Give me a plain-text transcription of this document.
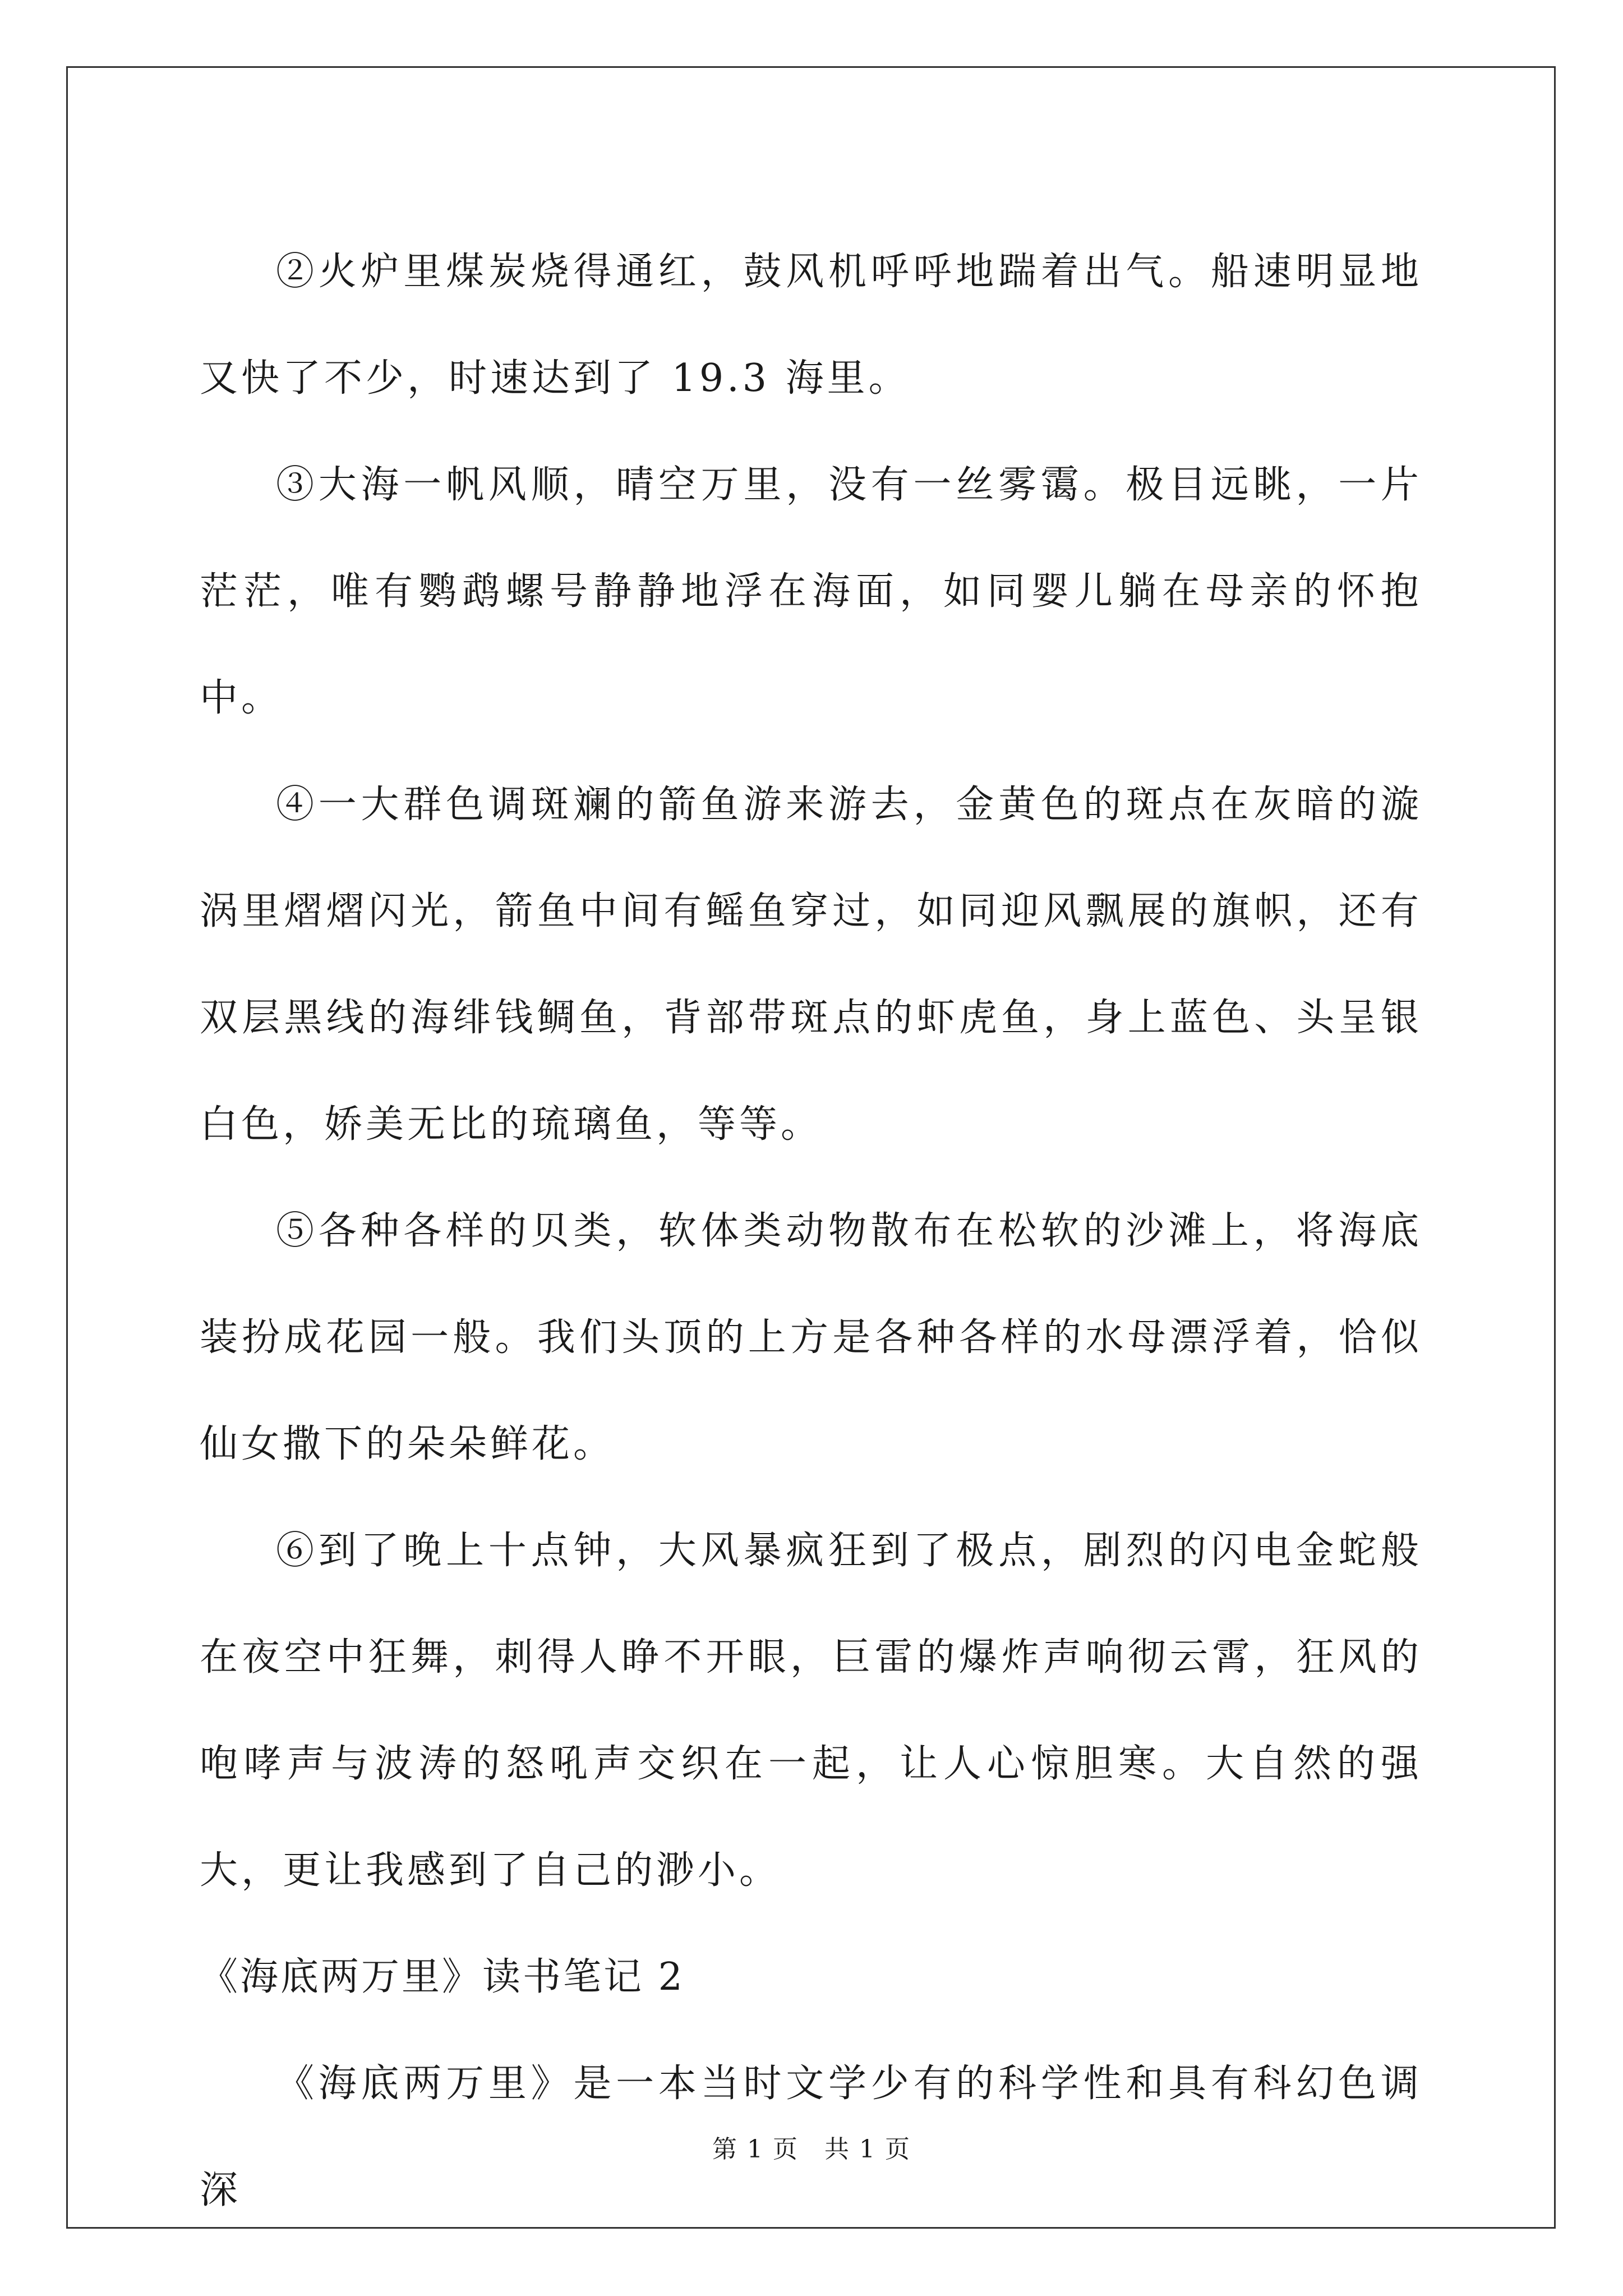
②火炉里煤炭烧得通红，鼓风机呼呼地踹着出气。船速明显地又快了不少，时速达到了 19.3 海里。

③大海一帆风顺，晴空万里，没有一丝雾霭。极目远眺，一片茫茫，唯有鹦鹉螺号静静地浮在海面，如同婴儿躺在母亲的怀抱中。

④一大群色调斑斓的箭鱼游来游去，金黄色的斑点在灰暗的漩涡里熠熠闪光，箭鱼中间有鳐鱼穿过，如同迎风飘展的旗帜，还有双层黑线的海绯钱鲷鱼，背部带斑点的虾虎鱼，身上蓝色、头呈银白色，娇美无比的琉璃鱼，等等。

⑤各种各样的贝类，软体类动物散布在松软的沙滩上，将海底装扮成花园一般。我们头顶的上方是各种各样的水母漂浮着，恰似仙女撒下的朵朵鲜花。

⑥到了晚上十点钟，大风暴疯狂到了极点，剧烈的闪电金蛇般在夜空中狂舞，刺得人睁不开眼，巨雷的爆炸声响彻云霄，狂风的咆哮声与波涛的怒吼声交织在一起，让人心惊胆寒。大自然的强大，更让我感到了自己的渺小。

《海底两万里》读书笔记 2

《海底两万里》是一本当时文学少有的科学性和具有科幻色调深

第 1 页 共 1 页
